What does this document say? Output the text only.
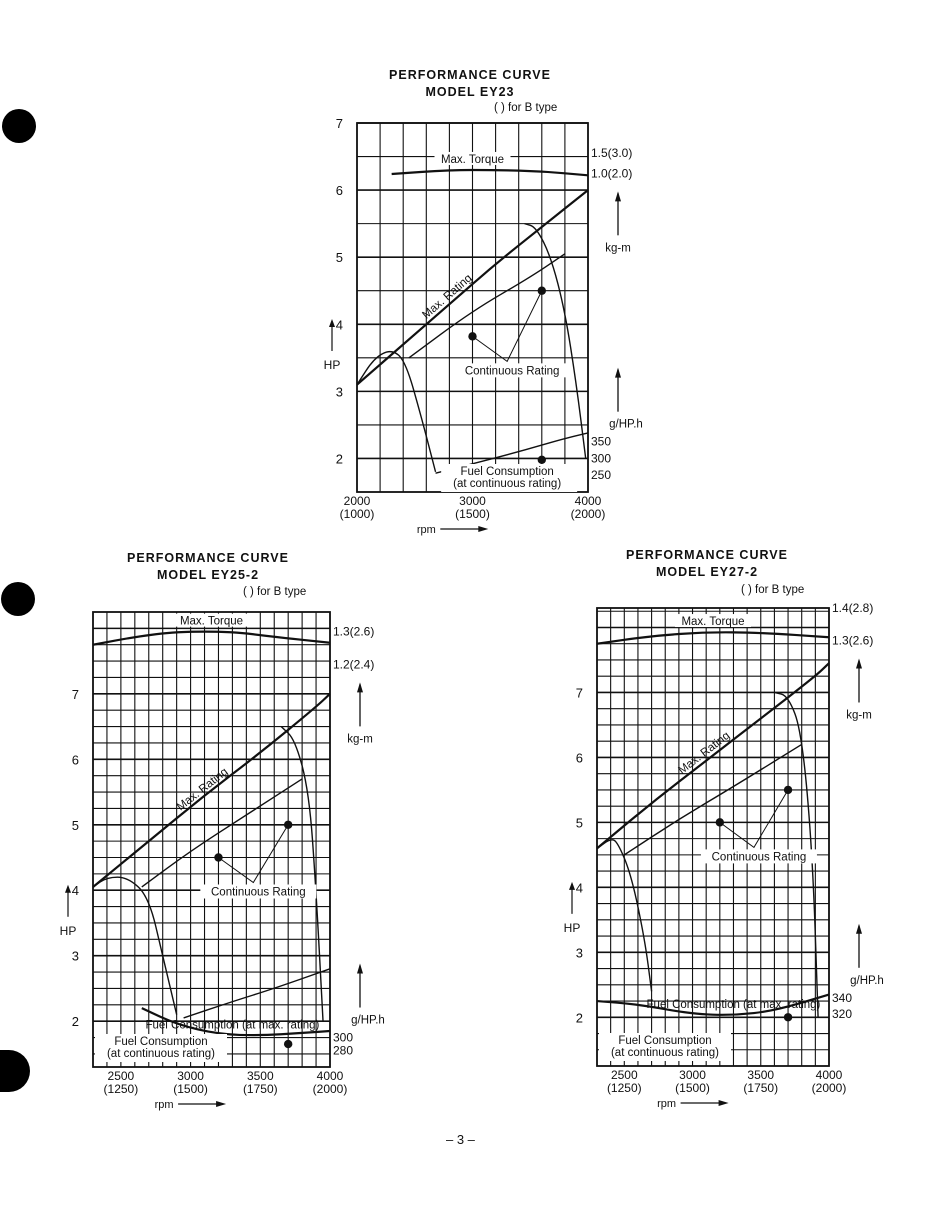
PERFORMANCE CURVE
MODEL EY23
( ) for B type
PERFORMANCE CURVE
MODEL EY25-2
( ) for B type
PERFORMANCE CURVE
MODEL EY27-2
( ) for B type
2
3
4
5
6
7
HP
2000
(1000)
3000
(1500)
4000
(2000)
rpm
1.5(3.0)
1.0(2.0)
350
300
250
kg-m
g/HP.h
Max. Torque
Max. Rating
Continuous Rating
Fuel Consumption
(at continuous rating)
2
3
4
5
6
7
HP
2500
(1250)
3000
(1500)
3500
(1750)
4000
(2000)
rpm
1.3(2.6)
1.2(2.4)
300
280
kg-m
g/HP.h
Max. Torque
Max. Rating
Continuous Rating
Fuel Consumption (at max. rating)
Fuel Consumption
(at continuous rating)
2
3
4
5
6
7
HP
2500
(1250)
3000
(1500)
3500
(1750)
4000
(2000)
rpm
1.4(2.8)
1.3(2.6)
340
320
kg-m
g/HP.h
Max. Torque
Max. Rating
Continuous Rating
Fuel Consumption (at max. rating)
Fuel Consumption
(at continuous rating)
– 3 –
